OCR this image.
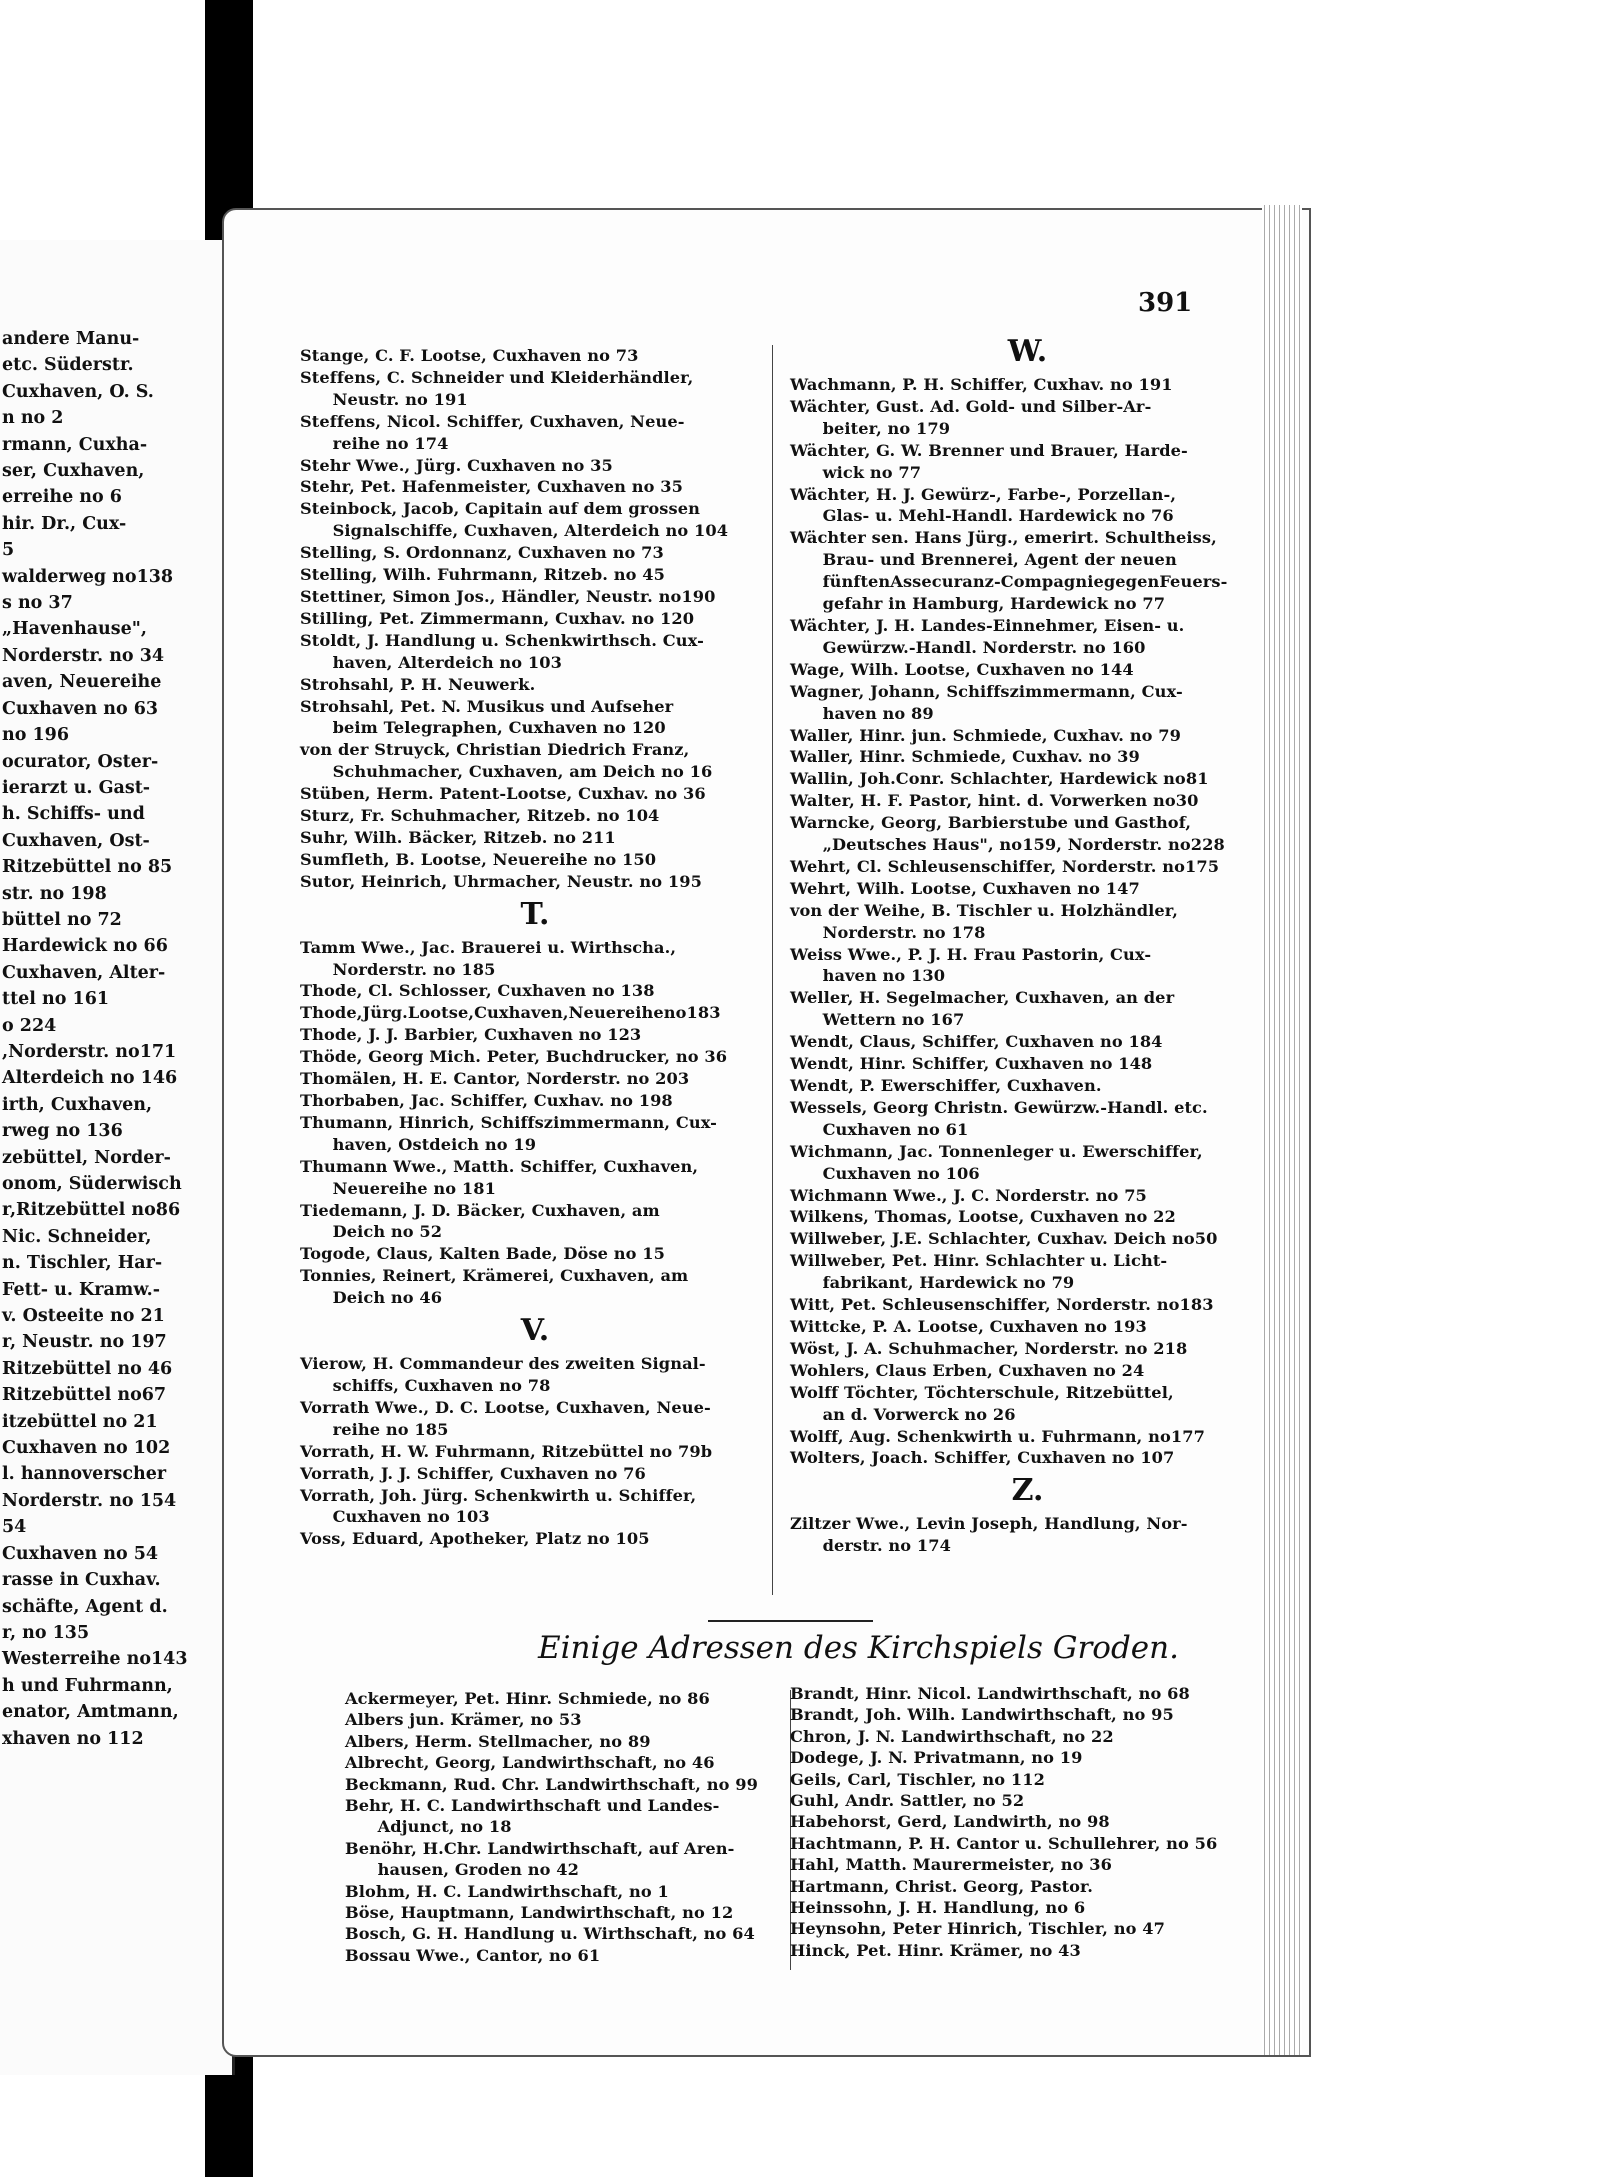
andere Manu-
etc. Süderstr.
Cuxhaven, O. S.
n no 2
rmann, Cuxha-
ser, Cuxhaven,
erreihe no 6
hir. Dr., Cux-
5
walderweg no138
s no 37
„Havenhause",
Norderstr. no 34
aven, Neuereihe
Cuxhaven no 63
no 196
ocurator, Oster-
ierarzt u. Gast-
h. Schiffs- und
Cuxhaven, Ost-
Ritzebüttel no 85
str. no 198
büttel no 72
Hardewick no 66
Cuxhaven, Alter-
ttel no 161
o 224
,Norderstr. no171
Alterdeich no 146
irth, Cuxhaven,
rweg no 136
zebüttel, Norder-
onom, Süderwisch
r,Ritzebüttel no86
Nic. Schneider,
n. Tischler, Har-
Fett- u. Kramw.-
v. Osteeite no 21
r, Neustr. no 197
Ritzebüttel no 46
Ritzebüttel no67
itzebüttel no 21
Cuxhaven no 102
l. hannoverscher
Norderstr. no 154
54
Cuxhaven no 54
rasse in Cuxhav.
schäfte, Agent d.
r, no 135
Westerreihe no143
h und Fuhrmann,
enator, Amtmann,
xhaven no 112
391
Stange, C. F. Lootse, Cuxhaven no 73
Steffens, C. Schneider und Kleiderhändler,
  Neustr. no 191
Steffens, Nicol. Schiffer, Cuxhaven, Neue-
  reihe no 174
Stehr Wwe., Jürg. Cuxhaven no 35
Stehr, Pet. Hafenmeister, Cuxhaven no 35
Steinbock, Jacob, Capitain auf dem grossen
  Signalschiffe, Cuxhaven, Alterdeich no 104
Stelling, S. Ordonnanz, Cuxhaven no 73
Stelling, Wilh. Fuhrmann, Ritzeb. no 45
Stettiner, Simon Jos., Händler, Neustr. no190
Stilling, Pet. Zimmermann, Cuxhav. no 120
Stoldt, J. Handlung u. Schenkwirthsch. Cux-
  haven, Alterdeich no 103
Strohsahl, P. H. Neuwerk.
Strohsahl, Pet. N. Musikus und Aufseher
  beim Telegraphen, Cuxhaven no 120
von der Struyck, Christian Diedrich Franz,
  Schuhmacher, Cuxhaven, am Deich no 16
Stüben, Herm. Patent-Lootse, Cuxhav. no 36
Sturz, Fr. Schuhmacher, Ritzeb. no 104
Suhr, Wilh. Bäcker, Ritzeb. no 211
Sumfleth, B. Lootse, Neuereihe no 150
Sutor, Heinrich, Uhrmacher, Neustr. no 195
T.
Tamm Wwe., Jac. Brauerei u. Wirthscha.,
  Norderstr. no 185
Thode, Cl. Schlosser, Cuxhaven no 138
Thode,Jürg.Lootse,Cuxhaven,Neuereiheno183
Thode, J. J. Barbier, Cuxhaven no 123
Thöde, Georg Mich. Peter, Buchdrucker, no 36
Thomälen, H. E. Cantor, Norderstr. no 203
Thorbaben, Jac. Schiffer, Cuxhav. no 198
Thumann, Hinrich, Schiffszimmermann, Cux-
  haven, Ostdeich no 19
Thumann Wwe., Matth. Schiffer, Cuxhaven,
  Neuereihe no 181
Tiedemann, J. D. Bäcker, Cuxhaven, am
  Deich no 52
Togode, Claus, Kalten Bade, Döse no 15
Tonnies, Reinert, Krämerei, Cuxhaven, am
  Deich no 46
V.
Vierow, H. Commandeur des zweiten Signal-
  schiffs, Cuxhaven no 78
Vorrath Wwe., D. C. Lootse, Cuxhaven, Neue-
  reihe no 185
Vorrath, H. W. Fuhrmann, Ritzebüttel no 79b
Vorrath, J. J. Schiffer, Cuxhaven no 76
Vorrath, Joh. Jürg. Schenkwirth u. Schiffer,
  Cuxhaven no 103
Voss, Eduard, Apotheker, Platz no 105
W.
Wachmann, P. H. Schiffer, Cuxhav. no 191
Wächter, Gust. Ad. Gold- und Silber-Ar-
  beiter, no 179
Wächter, G. W. Brenner und Brauer, Harde-
  wick no 77
Wächter, H. J. Gewürz-, Farbe-, Porzellan-,
  Glas- u. Mehl-Handl. Hardewick no 76
Wächter sen. Hans Jürg., emerirt. Schultheiss,
  Brau- und Brennerei, Agent der neuen
  fünftenAssecuranz-CompagniegegenFeuers-
  gefahr in Hamburg, Hardewick no 77
Wächter, J. H. Landes-Einnehmer, Eisen- u.
  Gewürzw.-Handl. Norderstr. no 160
Wage, Wilh. Lootse, Cuxhaven no 144
Wagner, Johann, Schiffszimmermann, Cux-
  haven no 89
Waller, Hinr. jun. Schmiede, Cuxhav. no 79
Waller, Hinr. Schmiede, Cuxhav. no 39
Wallin, Joh.Conr. Schlachter, Hardewick no81
Walter, H. F. Pastor, hint. d. Vorwerken no30
Warncke, Georg, Barbierstube und Gasthof,
  „Deutsches Haus", no159, Norderstr. no228
Wehrt, Cl. Schleusenschiffer, Norderstr. no175
Wehrt, Wilh. Lootse, Cuxhaven no 147
von der Weihe, B. Tischler u. Holzhändler,
  Norderstr. no 178
Weiss Wwe., P. J. H. Frau Pastorin, Cux-
  haven no 130
Weller, H. Segelmacher, Cuxhaven, an der
  Wettern no 167
Wendt, Claus, Schiffer, Cuxhaven no 184
Wendt, Hinr. Schiffer, Cuxhaven no 148
Wendt, P. Ewerschiffer, Cuxhaven.
Wessels, Georg Christn. Gewürzw.-Handl. etc.
  Cuxhaven no 61
Wichmann, Jac. Tonnenleger u. Ewerschiffer,
  Cuxhaven no 106
Wichmann Wwe., J. C. Norderstr. no 75
Wilkens, Thomas, Lootse, Cuxhaven no 22
Willweber, J.E. Schlachter, Cuxhav. Deich no50
Willweber, Pet. Hinr. Schlachter u. Licht-
  fabrikant, Hardewick no 79
Witt, Pet. Schleusenschiffer, Norderstr. no183
Wittcke, P. A. Lootse, Cuxhaven no 193
Wöst, J. A. Schuhmacher, Norderstr. no 218
Wohlers, Claus Erben, Cuxhaven no 24
Wolff Töchter, Töchterschule, Ritzebüttel,
  an d. Vorwerck no 26
Wolff, Aug. Schenkwirth u. Fuhrmann, no177
Wolters, Joach. Schiffer, Cuxhaven no 107
Z.
Ziltzer Wwe., Levin Joseph, Handlung, Nor-
  derstr. no 174
Einige Adressen des Kirchspiels Groden.
Ackermeyer, Pet. Hinr. Schmiede, no 86
Albers jun. Krämer, no 53
Albers, Herm. Stellmacher, no 89
Albrecht, Georg, Landwirthschaft, no 46
Beckmann, Rud. Chr. Landwirthschaft, no 99
Behr, H. C. Landwirthschaft und Landes-
  Adjunct, no 18
Benöhr, H.Chr. Landwirthschaft, auf Aren-
  hausen, Groden no 42
Blohm, H. C. Landwirthschaft, no 1
Böse, Hauptmann, Landwirthschaft, no 12
Bosch, G. H. Handlung u. Wirthschaft, no 64
Bossau Wwe., Cantor, no 61
Brandt, Hinr. Nicol. Landwirthschaft, no 68
Brandt, Joh. Wilh. Landwirthschaft, no 95
Chron, J. N. Landwirthschaft, no 22
Dodege, J. N. Privatmann, no 19
Geils, Carl, Tischler, no 112
Guhl, Andr. Sattler, no 52
Habehorst, Gerd, Landwirth, no 98
Hachtmann, P. H. Cantor u. Schullehrer, no 56
Hahl, Matth. Maurermeister, no 36
Hartmann, Christ. Georg, Pastor.
Heinssohn, J. H. Handlung, no 6
Heynsohn, Peter Hinrich, Tischler, no 47
Hinck, Pet. Hinr. Krämer, no 43
